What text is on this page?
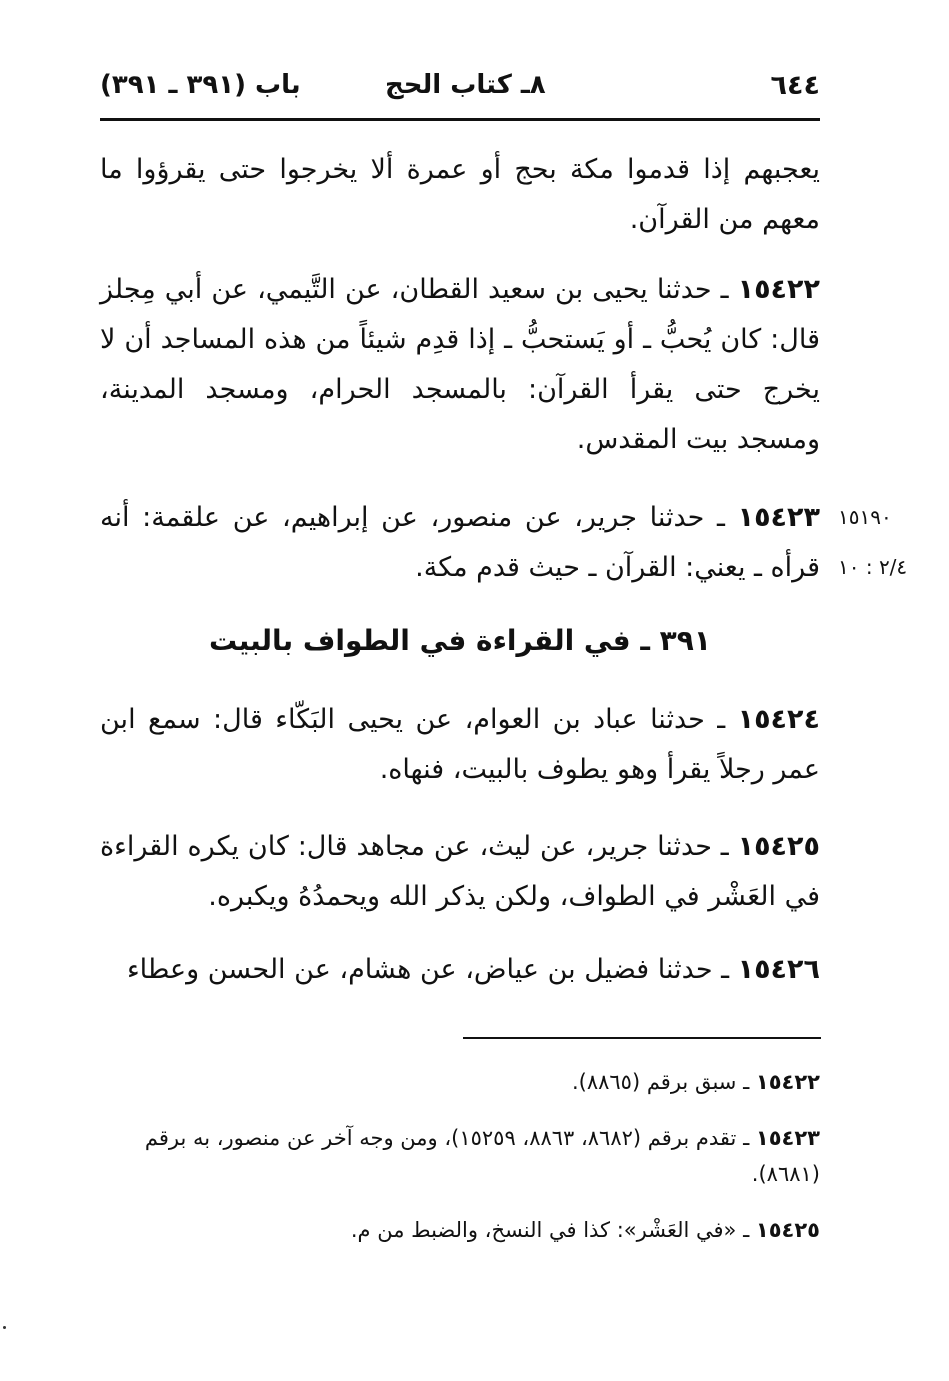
٦٤٤
٨ـ كتاب الحج
باب (٣٩١ ـ ٣٩١)
يعجبهم إذا قدموا مكة بحج أو عمرة ألا يخرجوا حتى يقرؤوا ما معهم من القرآن.
١٥٤٢٢ ـ حدثنا يحيى بن سعيد القطان، عن التَّيمي، عن أبي مِجلز قال: كان يُحبُّ ـ أو يَستحبُّ ـ إذا قدِم شيئاً من هذه المساجد أن لا يخرج حتى يقرأ القرآن: بالمسجد الحرام، ومسجد المدينة، ومسجد بيت المقدس.
١٥٤٢٣ ـ حدثنا جرير، عن منصور، عن إبراهيم، عن علقمة: أنه قرأه ـ يعني: القرآن ـ حيث قدم مكة.
١٥١٩٠
٢/٤ : ١٠
٣٩١ ـ في القراءة في الطواف بالبيت
١٥٤٢٤ ـ حدثنا عباد بن العوام، عن يحيى البَكّاء قال: سمع ابن عمر رجلاً يقرأ وهو يطوف بالبيت، فنهاه.
١٥٤٢٥ ـ حدثنا جرير، عن ليث، عن مجاهد قال: كان يكره القراءة في العَشْر في الطواف، ولكن يذكر الله ويحمدُهُ ويكبره.
١٥٤٢٦ ـ حدثنا فضيل بن عياض، عن هشام، عن الحسن وعطاء
١٥٤٢٢ ـ سبق برقم (٨٨٦٥).
١٥٤٢٣ ـ تقدم برقم (٨٦٨٢، ٨٨٦٣، ١٥٢٥٩)، ومن وجه آخر عن منصور، به برقم (٨٦٨١).
١٥٤٢٥ ـ «في العَشْر»: كذا في النسخ، والضبط من م.
